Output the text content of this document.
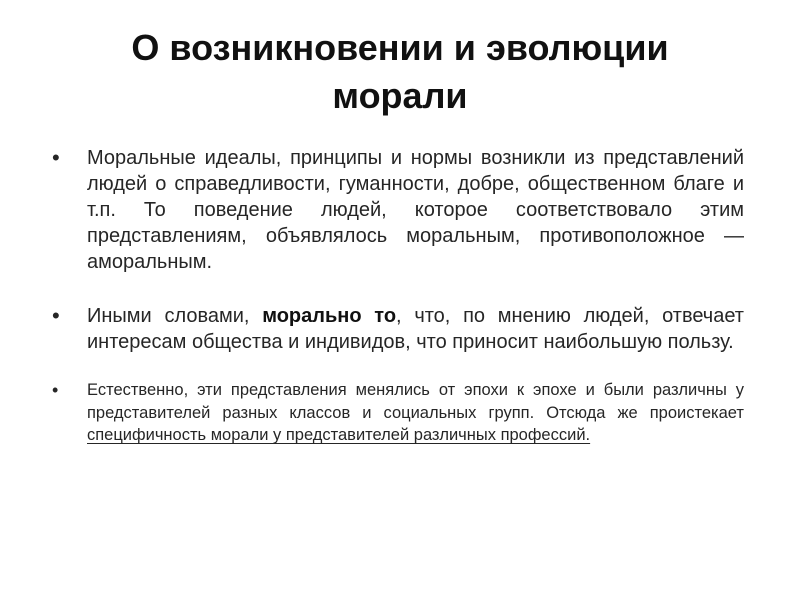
О возникновении и эволюции
морали
• Моральные идеалы, принципы и нормы возникли из представлений людей о справедливости, гуманности, добре, общественном благе и т.п. То поведение людей, которое соответствовало этим представлениям, объявлялось моральным, противоположное — аморальным.
• Иными словами, морально то, что, по мнению людей, отвечает интересам общества и индивидов, что приносит наибольшую пользу.
• Естественно, эти представления менялись от эпохи к эпохе и были различны у представителей разных классов и социальных групп. Отсюда же проистекает специфичность морали у представителей различных профессий.
